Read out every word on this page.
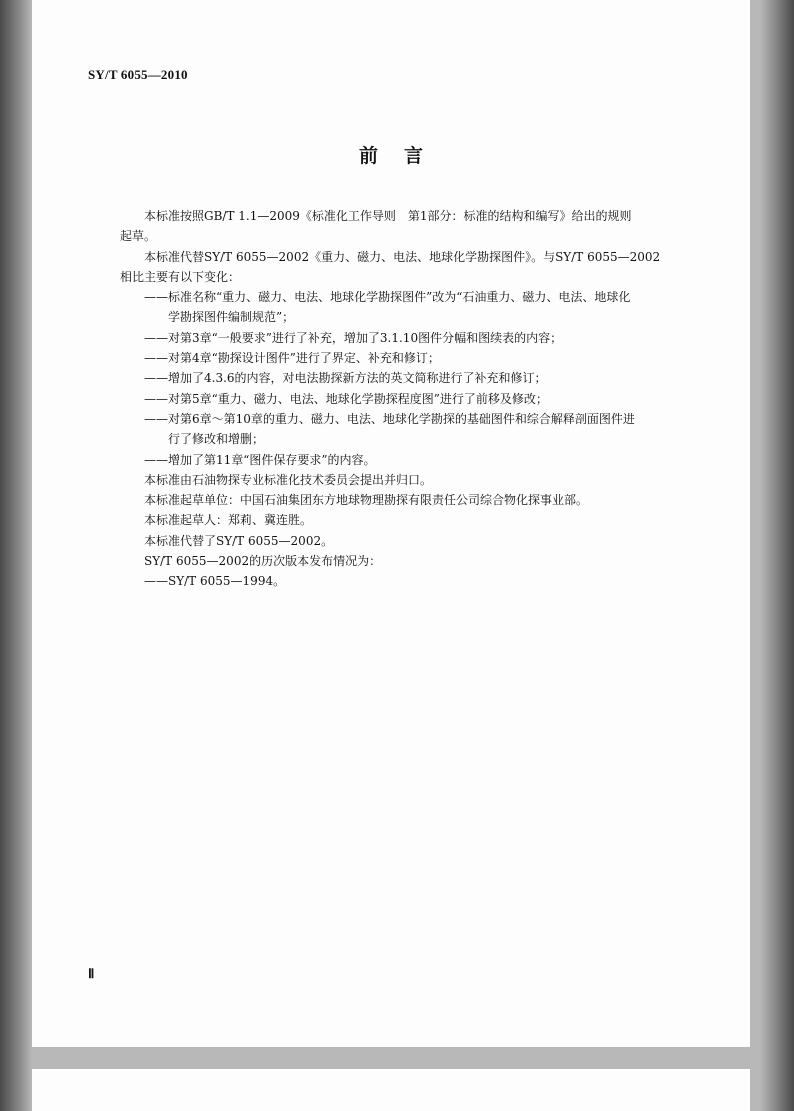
SY/T 6055—2010
前言

本标准按照GB/T 1.1—2009《标准化工作导则　第1部分：标准的结构和编写》给出的规则

起草。

本标准代替SY/T 6055—2002《重力、磁力、电法、地球化学勘探图件》。与SY/T 6055—2002

相比主要有以下变化：

——标准名称“重力、磁力、电法、地球化学勘探图件”改为“石油重力、磁力、电法、地球化

学勘探图件编制规范”；

——对第3章“一般要求”进行了补充，增加了3.1.10图件分幅和图续表的内容；

——对第4章“勘探设计图件”进行了界定、补充和修订；

——增加了4.3.6的内容，对电法勘探新方法的英文简称进行了补充和修订；

——对第5章“重力、磁力、电法、地球化学勘探程度图”进行了前移及修改；

——对第6章～第10章的重力、磁力、电法、地球化学勘探的基础图件和综合解释剖面图件进

行了修改和增删；

——增加了第11章“图件保存要求”的内容。

本标准由石油物探专业标准化技术委员会提出并归口。

本标准起草单位：中国石油集团东方地球物理勘探有限责任公司综合物化探事业部。

本标准起草人：郑莉、冀连胜。

本标准代替了SY/T 6055—2002。

SY/T 6055—2002的历次版本发布情况为：

——SY/T 6055—1994。

Ⅱ
